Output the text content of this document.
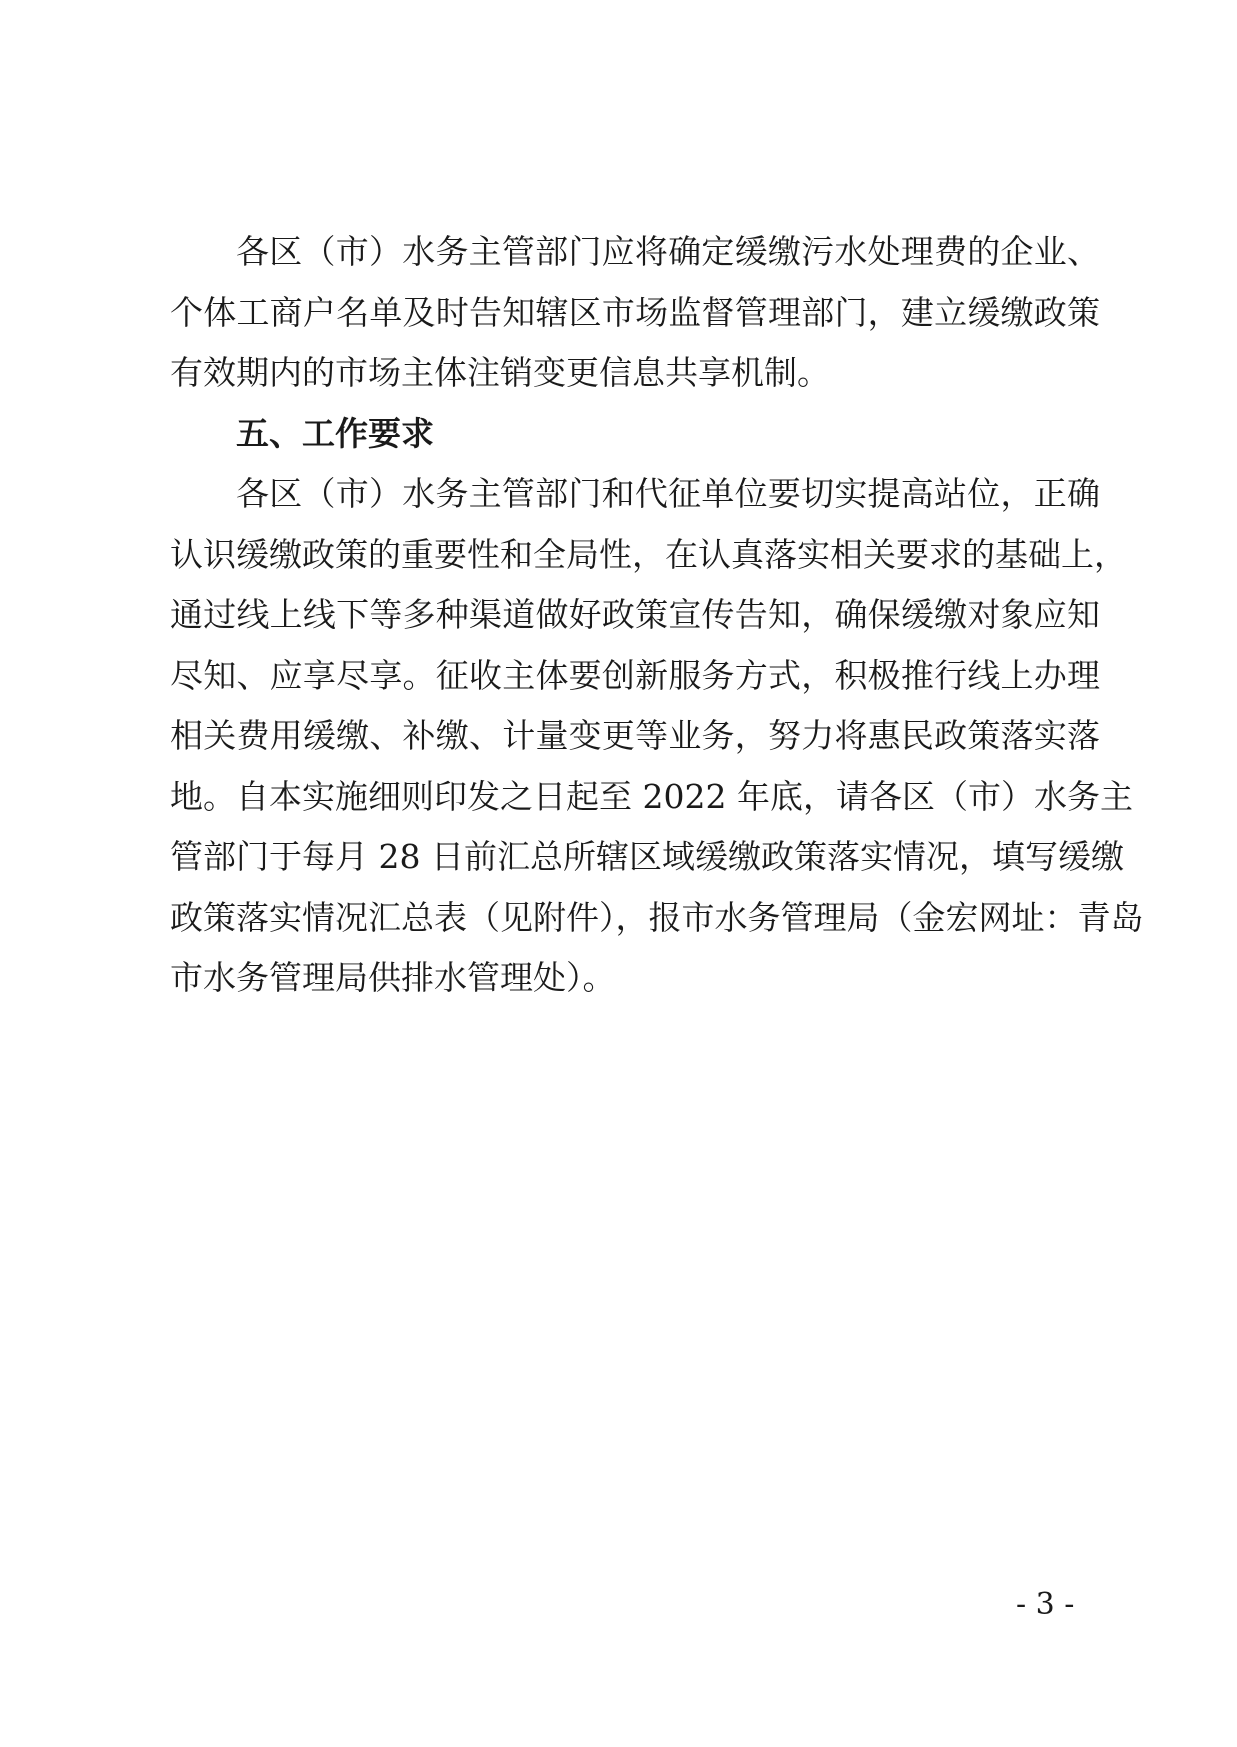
各区（市）水务主管部门应将确定缓缴污水处理费的企业、
个体工商户名单及时告知辖区市场监督管理部门，建立缓缴政策
有效期内的市场主体注销变更信息共享机制。
五、工作要求
各区（市）水务主管部门和代征单位要切实提高站位，正确
认识缓缴政策的重要性和全局性，在认真落实相关要求的基础上，
通过线上线下等多种渠道做好政策宣传告知，确保缓缴对象应知
尽知、应享尽享。征收主体要创新服务方式，积极推行线上办理
相关费用缓缴、补缴、计量变更等业务，努力将惠民政策落实落
地。自本实施细则印发之日起至 2022 年底，请各区（市）水务主
管部门于每月 28 日前汇总所辖区域缓缴政策落实情况，填写缓缴
政策落实情况汇总表（见附件），报市水务管理局（金宏网址：青岛
市水务管理局供排水管理处）。
- 3 -
